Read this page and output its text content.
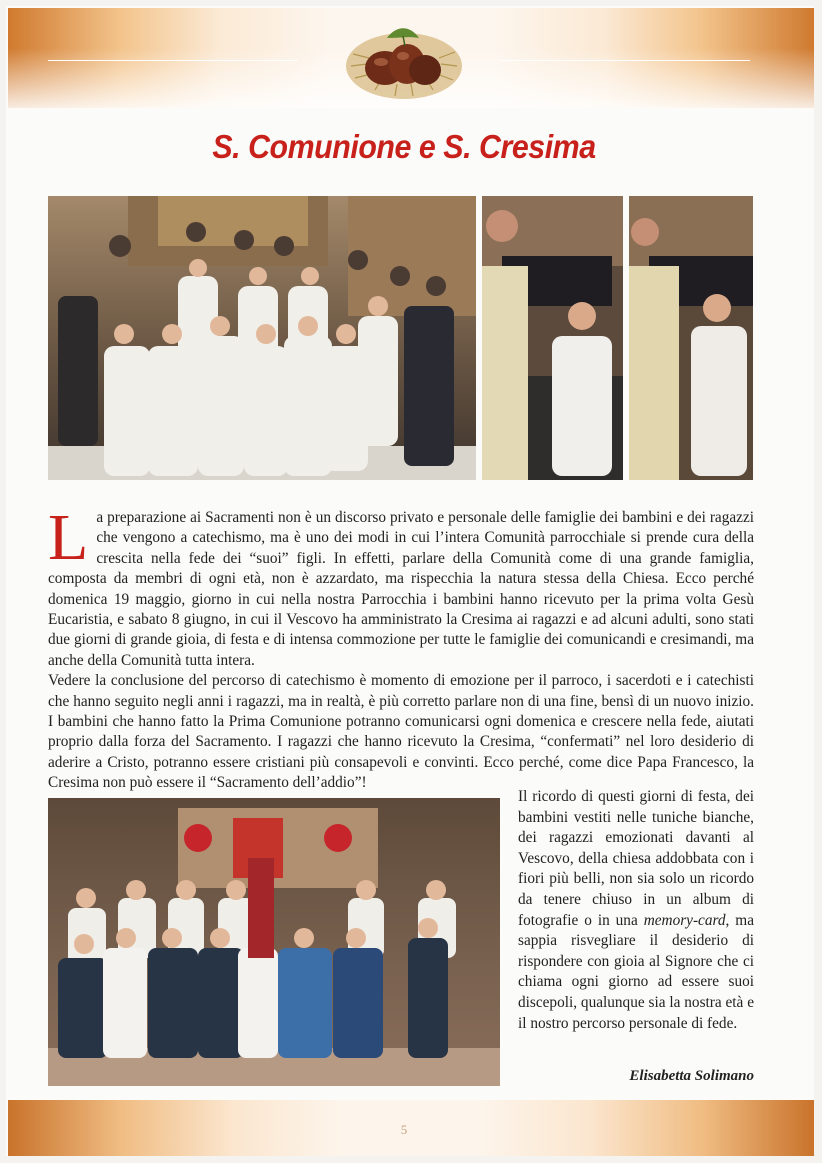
S. Comunione e S. Cresima
L a preparazione ai Sacramenti non è un discorso privato e personale delle famiglie dei bambini e dei ragazzi che vengono a catechismo, ma è uno dei modi in cui l’intera Comunità parrocchiale si prende cura della crescita nella fede dei “suoi” figli. In effetti, parlare della Comunità come di una grande famiglia, composta da membri di ogni età, non è azzardato, ma rispecchia la natura stessa della Chiesa. Ecco perché domenica 19 maggio, giorno in cui nella nostra Parrocchia i bambini hanno ricevuto per la prima volta Gesù Eucaristia, e sabato 8 giugno, in cui il Vescovo ha amministrato la Cresima ai ragazzi e ad alcuni adulti, sono stati due giorni di grande gioia, di festa e di intensa commozione per tutte le famiglie dei comunicandi e cresimandi, ma anche della Comunità tutta intera.

Vedere la conclusione del percorso di catechismo è momento di emozione per il parroco, i sacerdoti e i catechisti che hanno seguito negli anni i ragazzi, ma in realtà, è più corretto parlare non di una fine, bensì di un nuovo inizio. I bambini che hanno fatto la Prima Comunione potranno comunicarsi ogni domenica e crescere nella fede, aiutati proprio dalla forza del Sacramento. I ragazzi che hanno ricevuto la Cresima, “confermati” nel loro desiderio di aderire a Cristo, potranno essere cristiani più consapevoli e convinti. Ecco perché, come dice Papa Francesco, la Cresima non può essere il “Sacramento dell’addio”!

Il ricordo di questi giorni di festa, dei bambini vestiti nelle tuniche bianche, dei ragazzi emozionati davanti al Vescovo, della chiesa addobbata con i fiori più belli, non sia solo un ricordo da tenere chiuso in un album di fotografie o in una memory-card, ma sappia risvegliare il desiderio di rispondere con gioia al Signore che ci chiama ogni giorno ad essere suoi discepoli, qualunque sia la nostra età e il nostro percorso personale di fede.
Elisabetta Solimano
5
